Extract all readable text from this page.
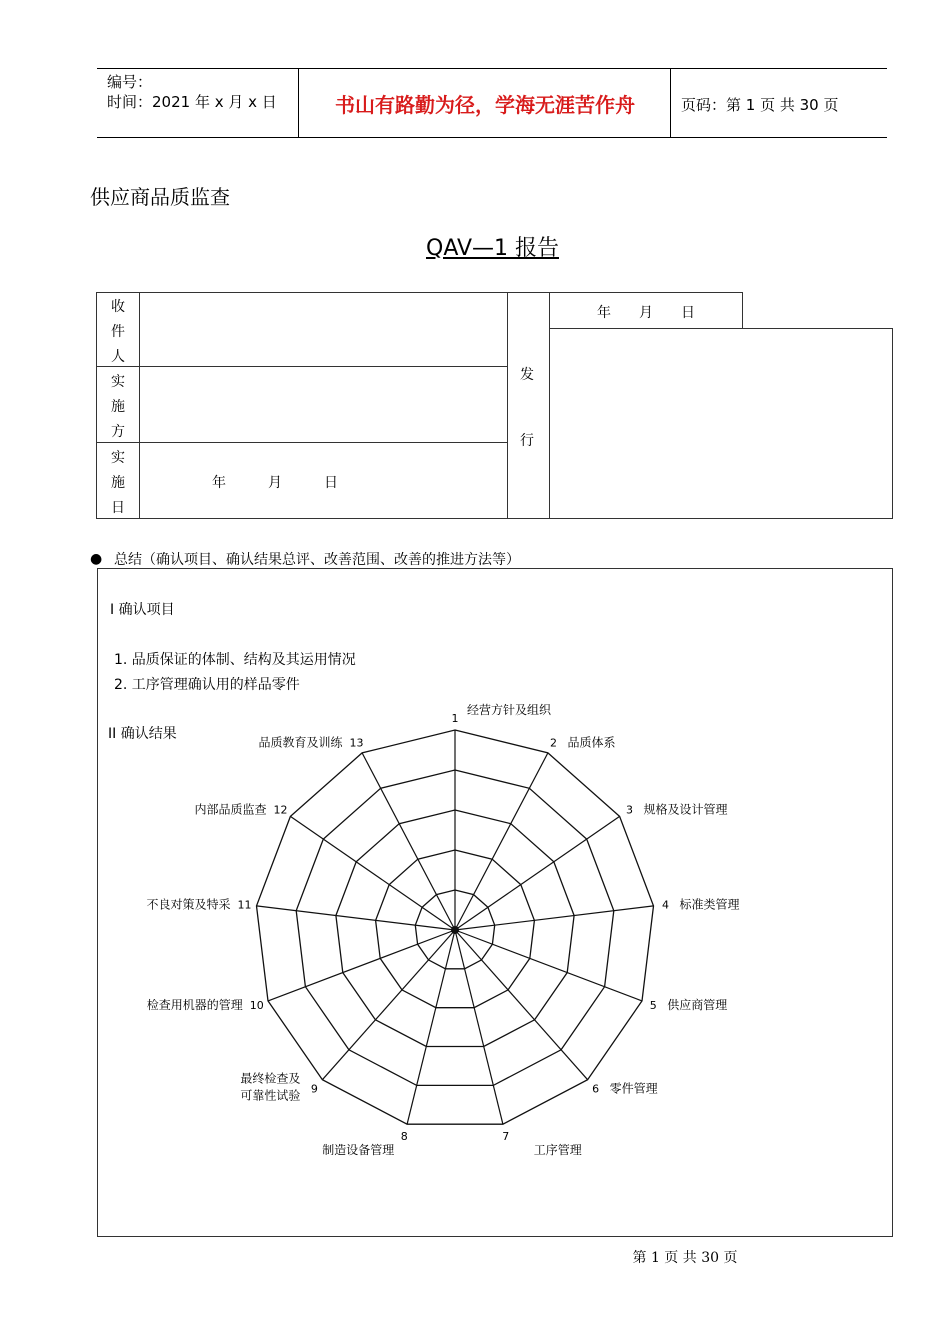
编号：
时间：2021 年 x 月 x 日	书山有路勤为径，学海无涯苦作舟	页码：第 1 页 共 30 页
供应商品质监查
QAV—1 报告
收
件
人
实
施
方
实
施
日
年　　　月　　　日
发
行
年　　月　　日
● 总结（确认项目、确认结果总评、改善范围、改善的推进方法等）
I 确认项目
1. 品质保证的体制、结构及其运用情况
2. 工序管理确认用的样品零件
II 确认结果
1
经营方针及组织
2 品质体系
3 规格及设计管理
4 标准类管理
5 供应商管理
6 零件管理
7
工序管理
8
制造设备管理
9
最终检查及可靠性试验
10
检查用机器的管理
11
不良对策及特采
12
内部品质监查
13
品质教育及训练
第 1 页 共 30 页
